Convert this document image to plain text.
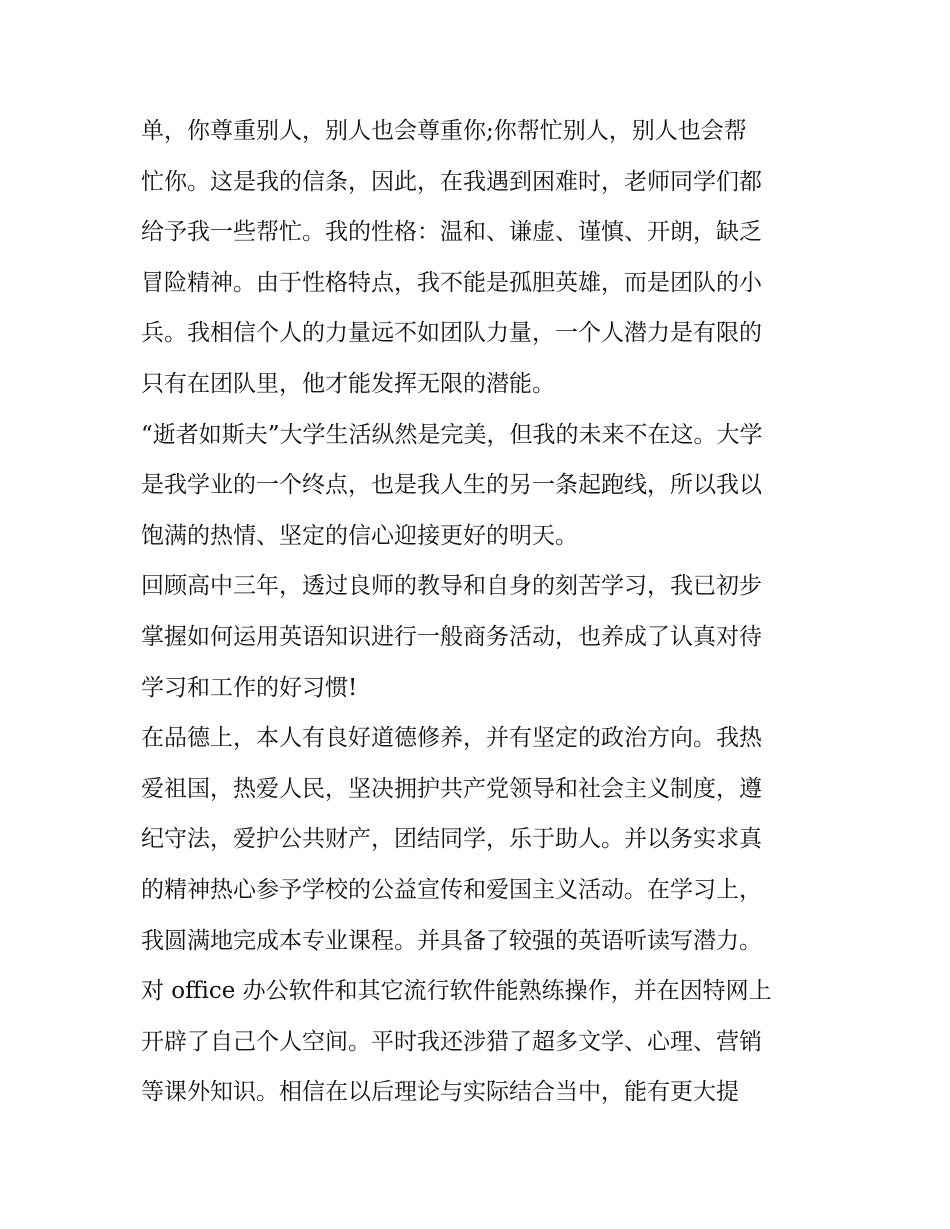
单，你尊重别人，别人也会尊重你;你帮忙别人，别人也会帮
忙你。这是我的信条，因此，在我遇到困难时，老师同学们都
给予我一些帮忙。我的性格：温和、谦虚、谨慎、开朗，缺乏
冒险精神。由于性格特点，我不能是孤胆英雄，而是团队的小
兵。我相信个人的力量远不如团队力量，一个人潜力是有限的
只有在团队里，他才能发挥无限的潜能。
“逝者如斯夫”大学生活纵然是完美，但我的未来不在这。大学
是我学业的一个终点，也是我人生的另一条起跑线，所以我以
饱满的热情、坚定的信心迎接更好的明天。
回顾高中三年，透过良师的教导和自身的刻苦学习，我已初步
掌握如何运用英语知识进行一般商务活动，也养成了认真对待
学习和工作的好习惯!
在品德上，本人有良好道德修养，并有坚定的政治方向。我热
爱祖国，热爱人民，坚决拥护共产党领导和社会主义制度，遵
纪守法，爱护公共财产，团结同学，乐于助人。并以务实求真
的精神热心参予学校的公益宣传和爱国主义活动。在学习上，
我圆满地完成本专业课程。并具备了较强的英语听读写潜力。
对 office 办公软件和其它流行软件能熟练操作，并在因特网上
开辟了自己个人空间。平时我还涉猎了超多文学、心理、营销
等课外知识。相信在以后理论与实际结合当中，能有更大提
